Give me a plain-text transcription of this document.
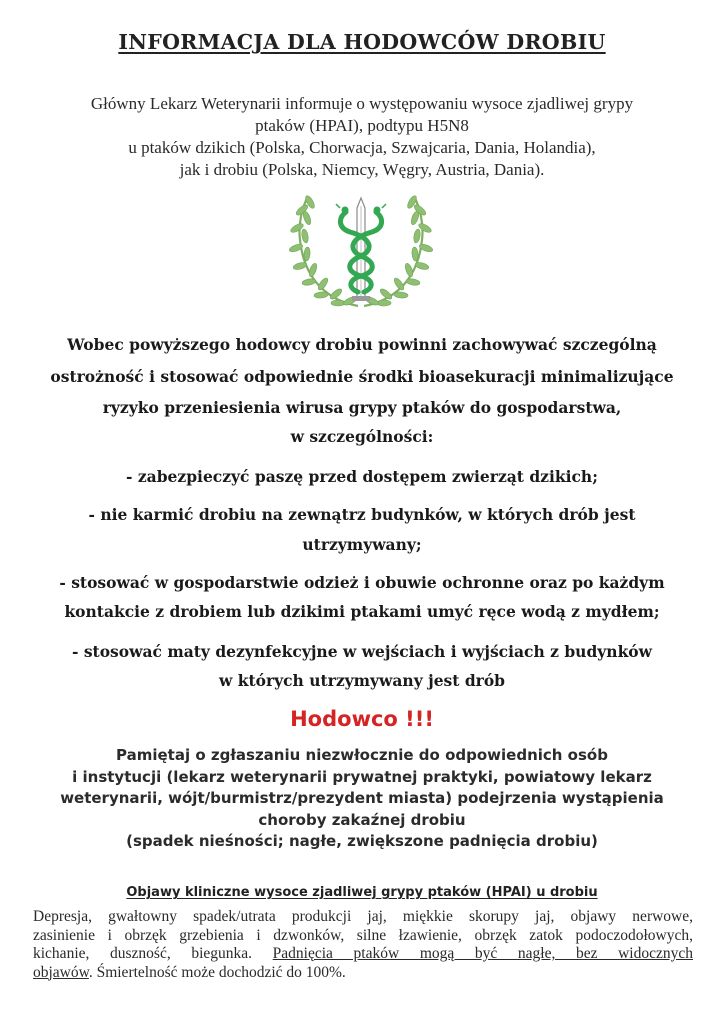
INFORMACJA DLA HODOWCÓW DROBIU
Główny Lekarz Weterynarii informuje o występowaniu wysoce zjadliwej grypy
ptaków (HPAI), podtypu H5N8
u ptaków dzikich (Polska, Chorwacja, Szwajcaria, Dania, Holandia),
jak i drobiu (Polska, Niemcy, Węgry, Austria, Dania).
Wobec powyższego hodowcy drobiu powinni zachowywać szczególną
ostrożność i stosować odpowiednie środki bioasekuracji minimalizujące
ryzyko przeniesienia wirusa grypy ptaków do gospodarstwa,
w szczególności:
- zabezpieczyć paszę przed dostępem zwierząt dzikich;
- nie karmić drobiu na zewnątrz budynków, w których drób jest
utrzymywany;
- stosować w gospodarstwie odzież i obuwie ochronne oraz po każdym
kontakcie z drobiem lub dzikimi ptakami umyć ręce wodą z mydłem;
- stosować maty dezynfekcyjne w wejściach i wyjściach z budynków
w których utrzymywany jest drób
Hodowco !!!
Pamiętaj o zgłaszaniu niezwłocznie do odpowiednich osób
i instytucji (lekarz weterynarii prywatnej praktyki, powiatowy lekarz
weterynarii, wójt/burmistrz/prezydent miasta) podejrzenia wystąpienia
choroby zakaźnej drobiu
(spadek nieśności; nagłe, zwiększone padnięcia drobiu)
Objawy kliniczne wysoce zjadliwej grypy ptaków (HPAI) u drobiu
Depresja, gwałtowny spadek/utrata produkcji jaj, miękkie skorupy jaj, objawy nerwowe,
zasinienie i obrzęk grzebienia i dzwonków, silne łzawienie, obrzęk zatok podoczodołowych,
kichanie, duszność, biegunka. Padnięcia ptaków mogą być nagłe, bez widocznych
objawów. Śmiertelność może dochodzić do 100%.
